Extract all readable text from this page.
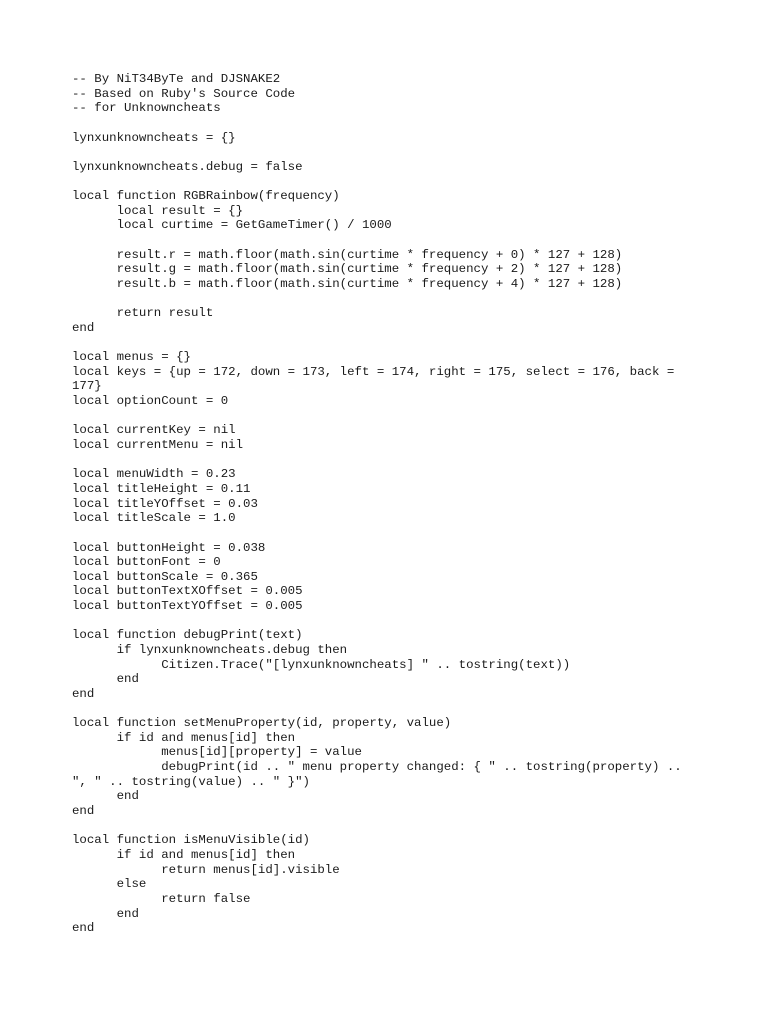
-- By NiT34ByTe and DJSNAKE2
-- Based on Ruby's Source Code
-- for Unknowncheats
lynxunknowncheats = {}
lynxunknowncheats.debug = false
local function RGBRainbow(frequency)
local result = {}
local curtime = GetGameTimer() / 1000
result.r = math.floor(math.sin(curtime * frequency + 0) * 127 + 128)
result.g = math.floor(math.sin(curtime * frequency + 2) * 127 + 128)
result.b = math.floor(math.sin(curtime * frequency + 4) * 127 + 128)
return result
end
local menus = {}
local keys = {up = 172, down = 173, left = 174, right = 175, select = 176, back =
177}
local optionCount = 0
local currentKey = nil
local currentMenu = nil
local menuWidth = 0.23
local titleHeight = 0.11
local titleYOffset = 0.03
local titleScale = 1.0
local buttonHeight = 0.038
local buttonFont = 0
local buttonScale = 0.365
local buttonTextXOffset = 0.005
local buttonTextYOffset = 0.005
local function debugPrint(text)
if lynxunknowncheats.debug then
Citizen.Trace("[lynxunknowncheats] " .. tostring(text))
end
end
local function setMenuProperty(id, property, value)
if id and menus[id] then
menus[id][property] = value
debugPrint(id .. " menu property changed: { " .. tostring(property) ..
", " .. tostring(value) .. " }")
end
end
local function isMenuVisible(id)
if id and menus[id] then
return menus[id].visible
else
return false
end
end
